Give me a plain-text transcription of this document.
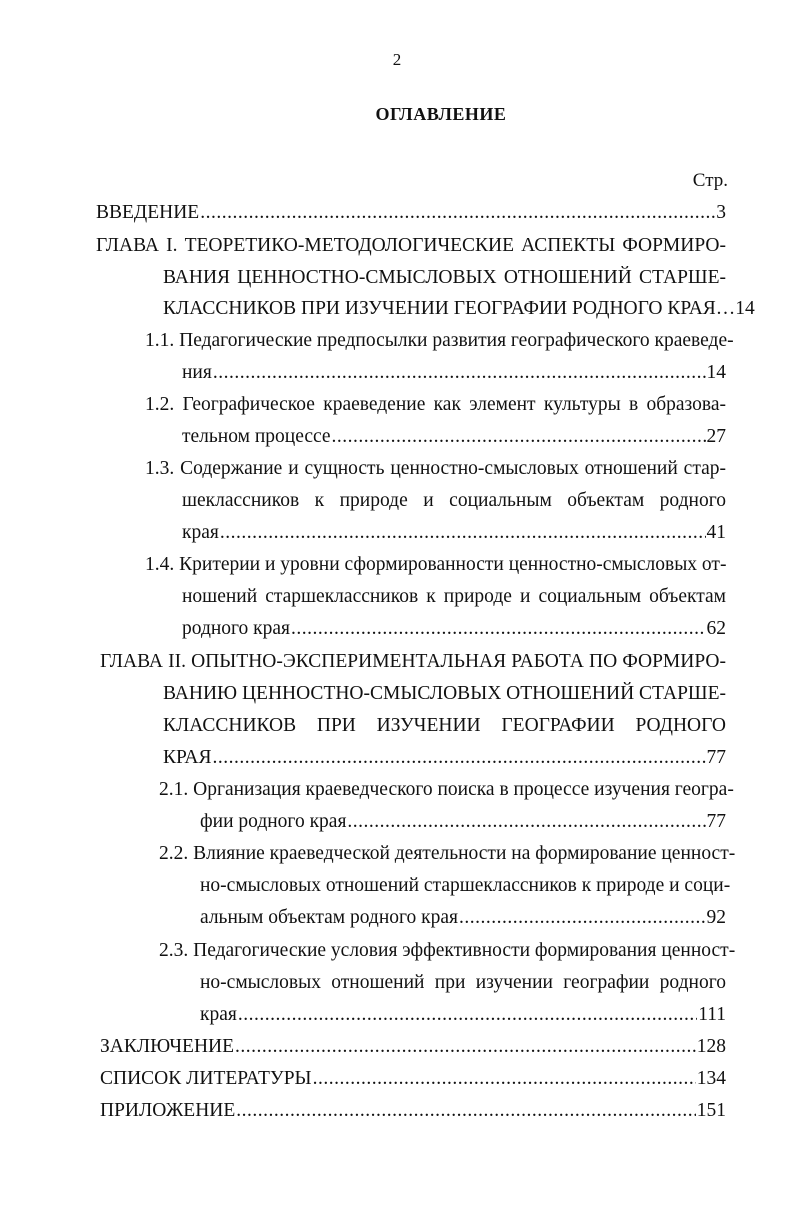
2
ОГЛАВЛЕНИЕ
Стр.
ВВЕДЕНИЕ .....	3
ГЛАВА I. ТЕОРЕТИКО-МЕТОДОЛОГИЧЕСКИЕ АСПЕКТЫ ФОРМИРО-
ВАНИЯ ЦЕННОСТНО-СМЫСЛОВЫХ ОТНОШЕНИЙ СТАРШЕ-
КЛАССНИКОВ ПРИ ИЗУЧЕНИИ ГЕОГРАФИИ РОДНОГО КРАЯ…14
1.1. Педагогические предпосылки развития географического краеведе-
ния .....	14
1.2. Географическое краеведение как элемент культуры в образова-
тельном процессе .....	27
1.3. Содержание и сущность ценностно-смысловых отношений стар-
шеклассников к природе и социальным объектам родного
края .....	41
1.4. Критерии и уровни сформированности ценностно-смысловых от-
ношений старшеклассников к природе и социальным объектам
родного края .....	62
ГЛАВА II. ОПЫТНО-ЭКСПЕРИМЕНТАЛЬНАЯ РАБОТА ПО ФОРМИРО-
ВАНИЮ ЦЕННОСТНО-СМЫСЛОВЫХ ОТНОШЕНИЙ СТАРШЕ-
КЛАССНИКОВ ПРИ ИЗУЧЕНИИ ГЕОГРАФИИ РОДНОГО
КРАЯ .....	77
2.1. Организация краеведческого поиска в процессе изучения геогра-
фии родного края .....	77
2.2. Влияние краеведческой деятельности на формирование ценност-
но-смысловых отношений старшеклассников к природе и соци-
альным объектам родного края .....	92
2.3. Педагогические условия эффективности формирования ценност-
но-смысловых отношений при изучении географии родного
края .....	111
ЗАКЛЮЧЕНИЕ .....	128
СПИСОК ЛИТЕРАТУРЫ .....	134
ПРИЛОЖЕНИЕ .....	151
